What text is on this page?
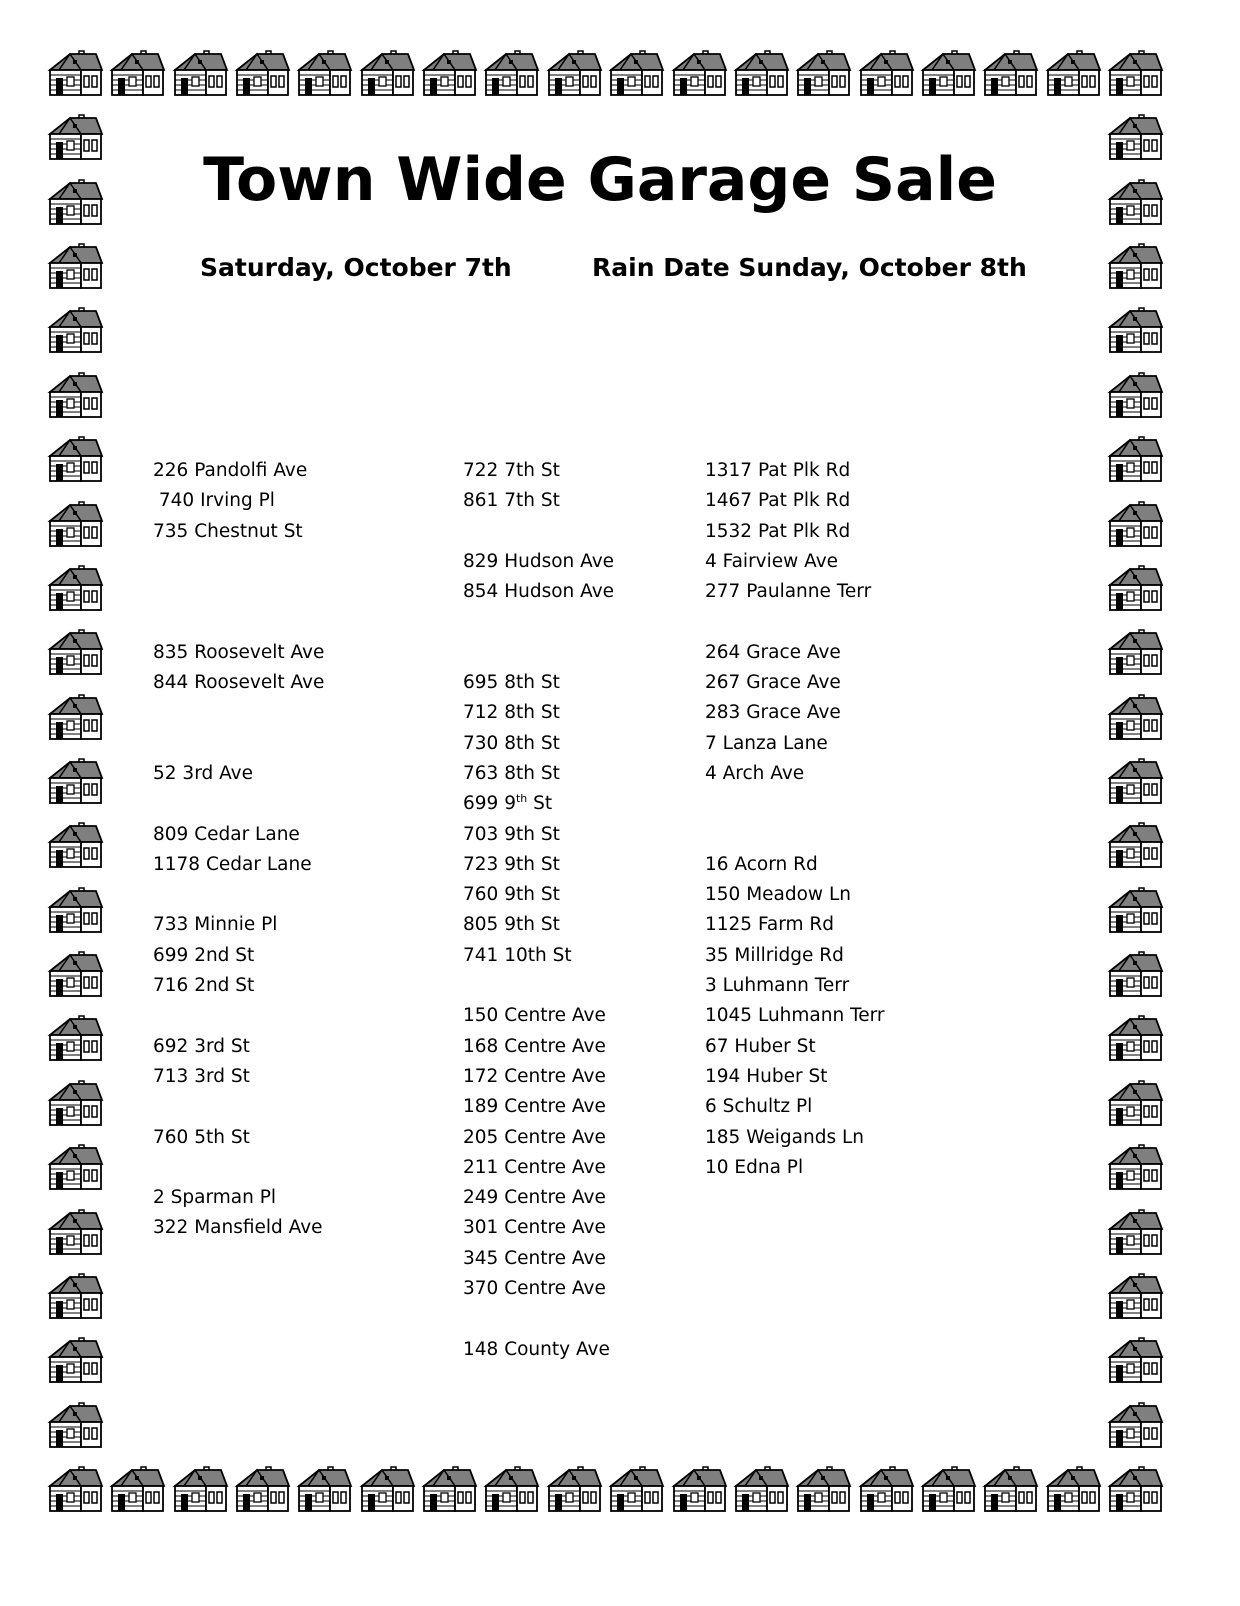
Town Wide Garage Sale
Saturday, October 7th	Rain Date Sunday, October 8th
226 Pandolfi Ave
740 Irving Pl
735 Chestnut St
835 Roosevelt Ave
844 Roosevelt Ave
52 3rd Ave
809 Cedar Lane
1178 Cedar Lane
733 Minnie Pl
699 2nd St
716 2nd St
692 3rd St
713 3rd St
760 5th St
2 Sparman Pl
322 Mansfield Ave
722 7th St
861 7th St
829 Hudson Ave
854 Hudson Ave
695 8th St
712 8th St
730 8th St
763 8th St
699 9th St
703 9th St
723 9th St
760 9th St
805 9th St
741 10th St
150 Centre Ave
168 Centre Ave
172 Centre Ave
189 Centre Ave
205 Centre Ave
211 Centre Ave
249 Centre Ave
301 Centre Ave
345 Centre Ave
370 Centre Ave
148 County Ave
1317 Pat Plk Rd
1467 Pat Plk Rd
1532 Pat Plk Rd
4 Fairview Ave
277 Paulanne Terr
264 Grace Ave
267 Grace Ave
283 Grace Ave
7 Lanza Lane
4 Arch Ave
16 Acorn Rd
150 Meadow Ln
1125 Farm Rd
35 Millridge Rd
3 Luhmann Terr
1045 Luhmann Terr
67 Huber St
194 Huber St
6 Schultz Pl
185 Weigands Ln
10 Edna Pl
